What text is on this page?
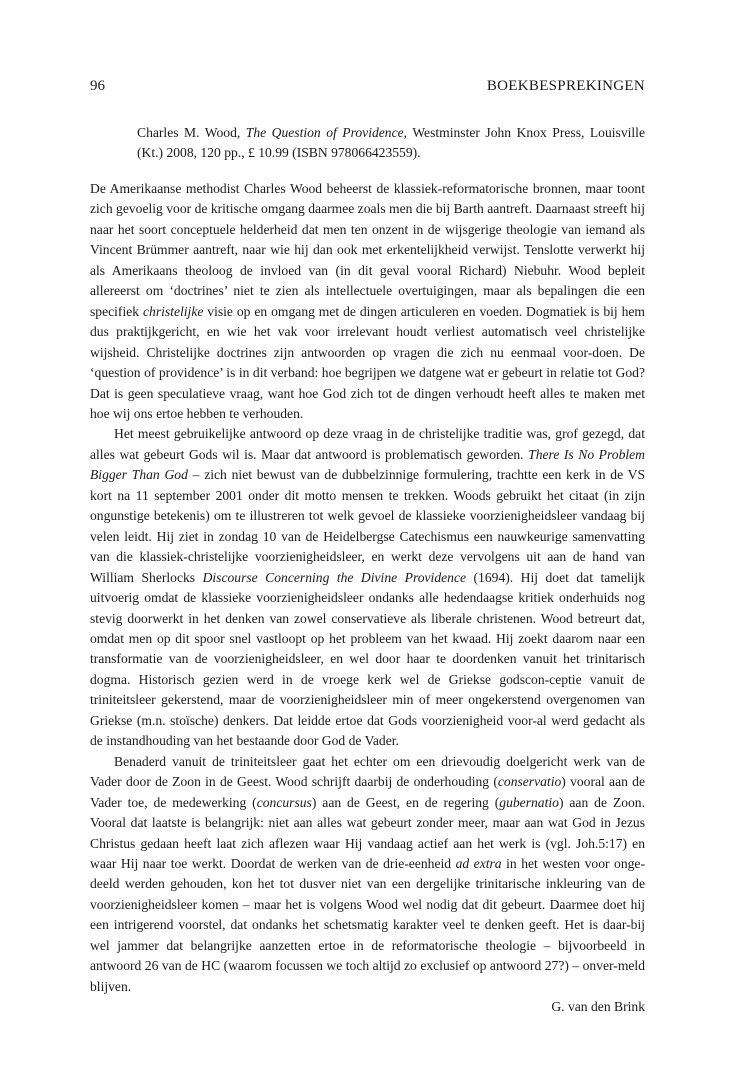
96	BOEKBESPREKINGEN
Charles M. Wood, The Question of Providence, Westminster John Knox Press, Louisville (Kt.) 2008, 120 pp., £ 10.99 (ISBN 978066423559).

De Amerikaanse methodist Charles Wood beheerst de klassiek-reformatorische bronnen, maar toont zich gevoelig voor de kritische omgang daarmee zoals men die bij Barth aantreft. Daarnaast streeft hij naar het soort conceptuele helderheid dat men ten onzent in de wijsgerige theologie van iemand als Vincent Brümmer aantreft, naar wie hij dan ook met erkentelijkheid verwijst. Tenslotte verwerkt hij als Amerikaans theoloog de invloed van (in dit geval vooral Richard) Niebuhr. Wood bepleit allereerst om ‘doctrines’ niet te zien als intellectuele overtuigingen, maar als bepalingen die een specifiek christelijke visie op en omgang met de dingen articuleren en voeden. Dogmatiek is bij hem dus praktijkgericht, en wie het vak voor irrelevant houdt verliest automatisch veel christelijke wijsheid. Christelijke doctrines zijn antwoorden op vragen die zich nu eenmaal voor-doen. De ‘question of providence’ is in dit verband: hoe begrijpen we datgene wat er gebeurt in relatie tot God? Dat is geen speculatieve vraag, want hoe God zich tot de dingen verhoudt heeft alles te maken met hoe wij ons ertoe hebben te verhouden.

Het meest gebruikelijke antwoord op deze vraag in de christelijke traditie was, grof gezegd, dat alles wat gebeurt Gods wil is. Maar dat antwoord is problematisch geworden. There Is No Problem Bigger Than God – zich niet bewust van de dubbelzinnige formulering, trachtte een kerk in de VS kort na 11 september 2001 onder dit motto mensen te trekken. Woods gebruikt het citaat (in zijn ongunstige betekenis) om te illustreren tot welk gevoel de klassieke voorzienigheidsleer vandaag bij velen leidt. Hij ziet in zondag 10 van de Heidelbergse Catechismus een nauwkeurige samenvatting van die klassiek-christelijke voorzienigheidsleer, en werkt deze vervolgens uit aan de hand van William Sherlocks Discourse Concerning the Divine Providence (1694). Hij doet dat tamelijk uitvoerig omdat de klassieke voorzienigheidsleer ondanks alle hedendaagse kritiek onderhuids nog stevig doorwerkt in het denken van zowel conservatieve als liberale christenen. Wood betreurt dat, omdat men op dit spoor snel vastloopt op het probleem van het kwaad. Hij zoekt daarom naar een transformatie van de voorzienigheidsleer, en wel door haar te doordenken vanuit het trinitarisch dogma. Historisch gezien werd in de vroege kerk wel de Griekse godscon-ceptie vanuit de triniteitsleer gekerstend, maar de voorzienigheidsleer min of meer ongekerstend overgenomen van Griekse (m.n. stoïsche) denkers. Dat leidde ertoe dat Gods voorzienigheid voor-al werd gedacht als de instandhouding van het bestaande door God de Vader.

Benaderd vanuit de triniteitsleer gaat het echter om een drievoudig doelgericht werk van de Vader door de Zoon in de Geest. Wood schrijft daarbij de onderhouding (conservatio) vooral aan de Vader toe, de medewerking (concursus) aan de Geest, en de regering (gubernatio) aan de Zoon. Vooral dat laatste is belangrijk: niet aan alles wat gebeurt zonder meer, maar aan wat God in Jezus Christus gedaan heeft laat zich aflezen waar Hij vandaag actief aan het werk is (vgl. Joh.5:17) en waar Hij naar toe werkt. Doordat de werken van de drie-eenheid ad extra in het westen voor onge-deeld werden gehouden, kon het tot dusver niet van een dergelijke trinitarische inkleuring van de voorzienigheidsleer komen – maar het is volgens Wood wel nodig dat dit gebeurt. Daarmee doet hij een intrigerend voorstel, dat ondanks het schetsmatig karakter veel te denken geeft. Het is daar-bij wel jammer dat belangrijke aanzetten ertoe in de reformatorische theologie – bijvoorbeeld in antwoord 26 van de HC (waarom focussen we toch altijd zo exclusief op antwoord 27?) – onver-meld blijven.

G. van den Brink
